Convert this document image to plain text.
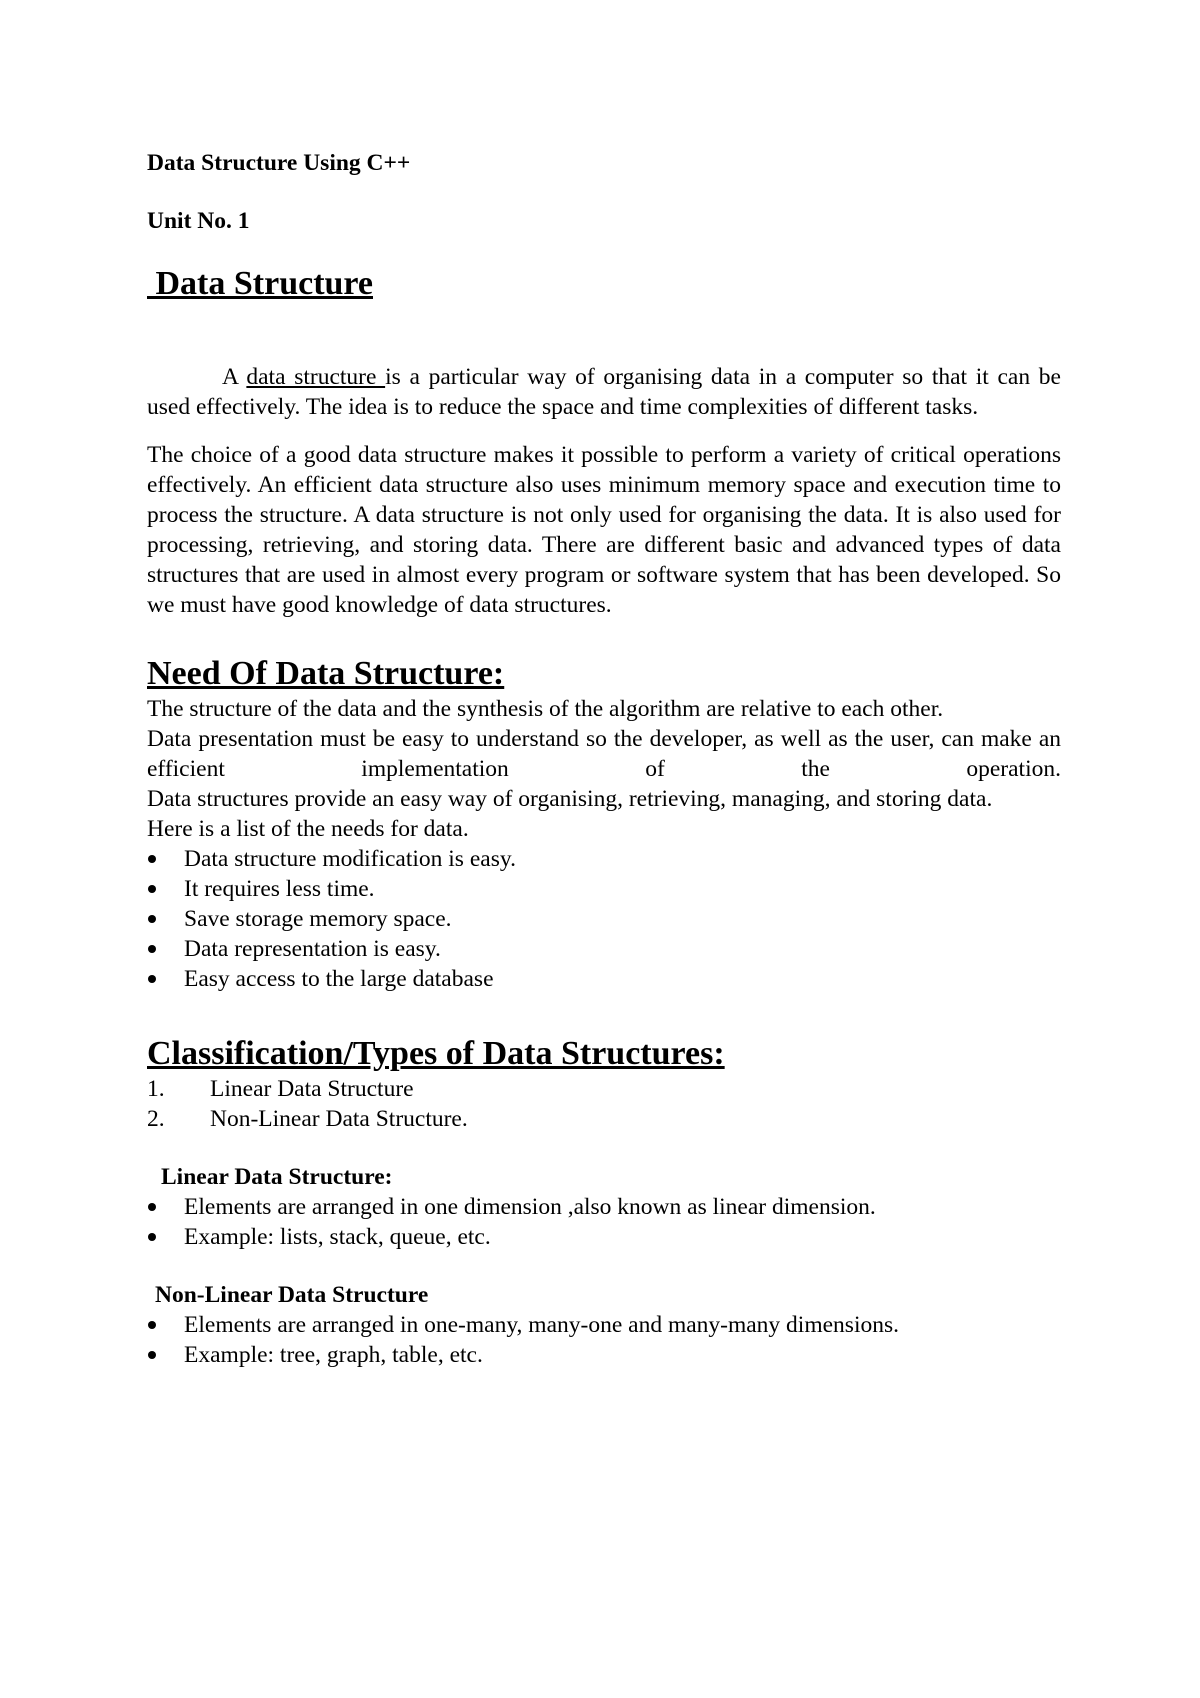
Data Structure Using C++

Unit No. 1

Data Structure

A data structure is a particular way of organising data in a computer so that it can be used effectively. The idea is to reduce the space and time complexities of different tasks.

The choice of a good data structure makes it possible to perform a variety of critical operations effectively. An efficient data structure also uses minimum memory space and execution time to process the structure. A data structure is not only used for organising the data. It is also used for processing, retrieving, and storing data. There are different basic and advanced types of data structures that are used in almost every program or software system that has been developed. So we must have good knowledge of data structures.

Need Of Data Structure:

The structure of the data and the synthesis of the algorithm are relative to each other.

Data presentation must be easy to understand so the developer, as well as the user, can make an efficient implementation of the operation.

Data structures provide an easy way of organising, retrieving, managing, and storing data.

Here is a list of the needs for data.

Data structure modification is easy.
It requires less time.
Save storage memory space.
Data representation is easy.
Easy access to the large database
Classification/Types of Data Structures:
1. Linear Data Structure
2. Non-Linear Data Structure.
Linear Data Structure:
Elements are arranged in one dimension ,also known as linear dimension.
Example: lists, stack, queue, etc.
Non-Linear Data Structure
Elements are arranged in one-many, many-one and many-many dimensions.
Example: tree, graph, table, etc.
